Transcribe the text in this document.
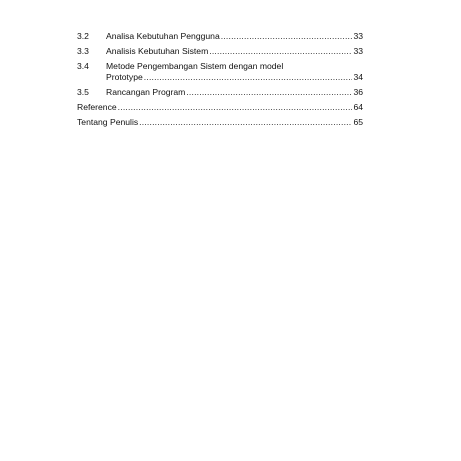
3.2	Analisa Kebutuhan Pengguna .....	33
3.3	Analisis Kebutuhan Sistem .....	33
3.4	Metode Pengembangan Sistem dengan model
Prototype .....	34
3.5	Rancangan Program .....	36
Reference .....	64
Tentang Penulis .....	65
